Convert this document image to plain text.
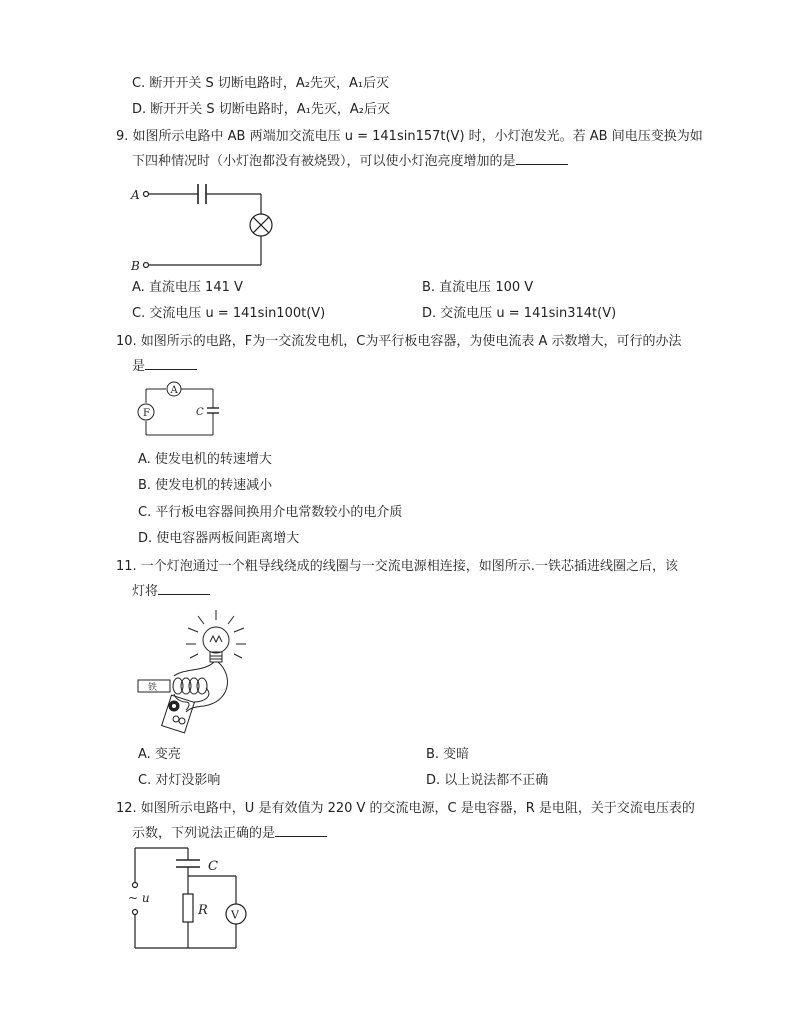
C. 断开开关 S 切断电路时，A₂先灭，A₁后灭
D. 断开开关 S 切断电路时，A₁先灭，A₂后灭
9. 如图所示电路中 AB 两端加交流电压 u = 141sin157t(V) 时，小灯泡发光。若 AB 间电压变换为如
下四种情况时（小灯泡都没有被烧毁），可以使小灯泡亮度增加的是
A
B
A. 直流电压 141 V	B. 直流电压 100 V
C. 交流电压 u = 141sin100t(V)	D. 交流电压 u = 141sin314t(V)
10. 如图所示的电路，F为一交流发电机，C为平行板电容器，为使电流表 A 示数增大，可行的办法
是
A
F	C
A. 使发电机的转速增大
B. 使发电机的转速减小
C. 平行板电容器间换用介电常数较小的电介质
D. 使电容器两板间距离增大
11. 一个灯泡通过一个粗导线绕成的线圈与一交流电源相连接，如图所示.一铁芯插进线圈之后，该
灯将
铁
A. 变亮	B. 变暗
C. 对灯没影响	D. 以上说法都不正确
12. 如图所示电路中，U 是有效值为 220 V 的交流电源，C 是电容器，R 是电阻，关于交流电压表的
示数，下列说法正确的是
C
R
~ u
V
